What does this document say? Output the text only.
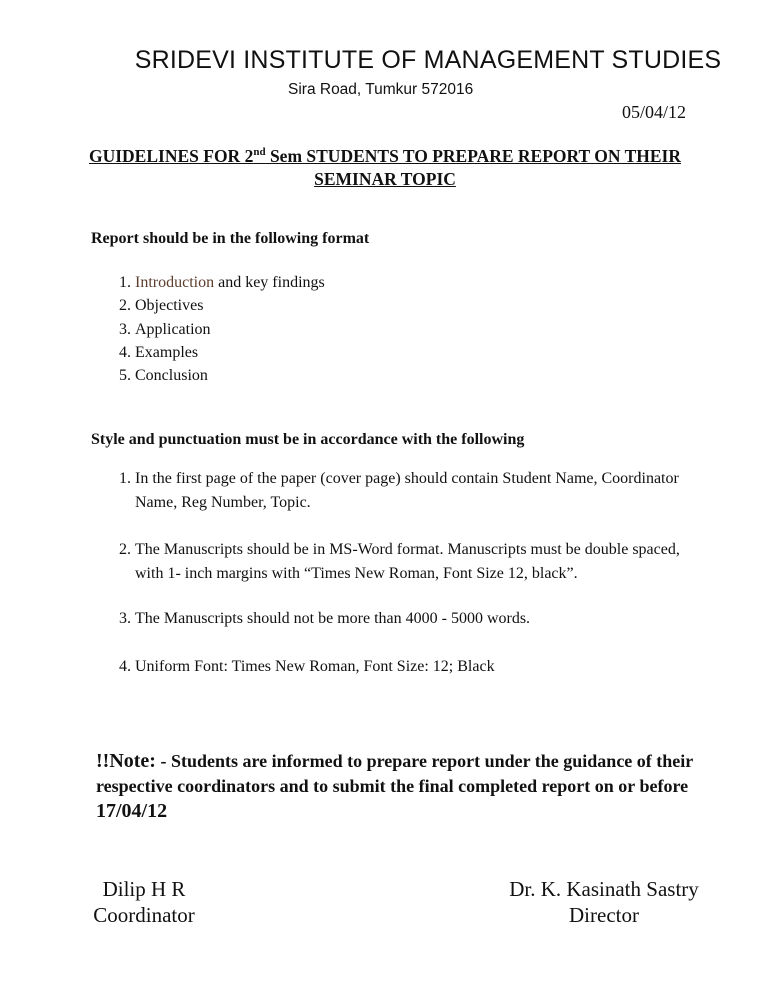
SRIDEVI INSTITUTE OF MANAGEMENT STUDIES
Sira Road, Tumkur 572016
05/04/12
GUIDELINES FOR 2nd Sem STUDENTS TO PREPARE REPORT ON THEIR
SEMINAR TOPIC
Report should be in the following format
1. Introduction and key findings
2. Objectives
3. Application
4. Examples
5. Conclusion
Style and punctuation must be in accordance with the following
1. In the first page of the paper (cover page) should contain Student Name, Coordinator
Name, Reg Number, Topic.
2. The Manuscripts should be in MS-Word format. Manuscripts must be double spaced,
with 1- inch margins with “Times New Roman, Font Size 12, black”.
3. The Manuscripts should not be more than 4000 - 5000 words.
4. Uniform Font: Times New Roman, Font Size: 12; Black
!!Note: - Students are informed to prepare report under the guidance of their respective coordinators and to submit the final completed report on or before 17/04/12
Dilip H R
Coordinator
Dr. K. Kasinath Sastry
Director
